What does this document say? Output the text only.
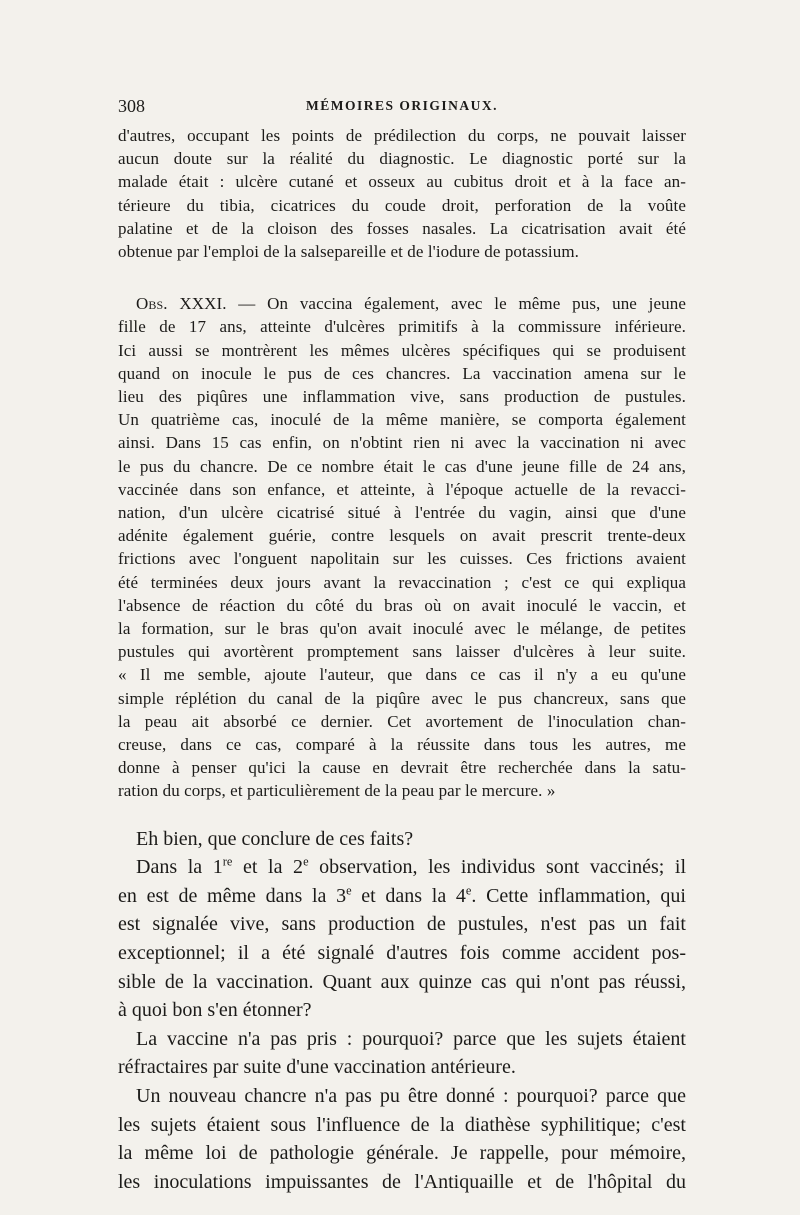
308	MÉMOIRES ORIGINAUX.

d'autres, occupant les points de prédilection du corps, ne pouvait laisser
aucun doute sur la réalité du diagnostic. Le diagnostic porté sur la
malade était : ulcère cutané et osseux au cubitus droit et à la face an-
térieure du tibia, cicatrices du coude droit, perforation de la voûte
palatine et de la cloison des fosses nasales. La cicatrisation avait été
obtenue par l'emploi de la salsepareille et de l'iodure de potassium.

Obs. XXXI. — On vaccina également, avec le même pus, une jeune
fille de 17 ans, atteinte d'ulcères primitifs à la commissure inférieure.
Ici aussi se montrèrent les mêmes ulcères spécifiques qui se produisent
quand on inocule le pus de ces chancres. La vaccination amena sur le
lieu des piqûres une inflammation vive, sans production de pustules.
Un quatrième cas, inoculé de la même manière, se comporta également
ainsi. Dans 15 cas enfin, on n'obtint rien ni avec la vaccination ni avec
le pus du chancre. De ce nombre était le cas d'une jeune fille de 24 ans,
vaccinée dans son enfance, et atteinte, à l'époque actuelle de la revacci-
nation, d'un ulcère cicatrisé situé à l'entrée du vagin, ainsi que d'une
adénite également guérie, contre lesquels on avait prescrit trente-deux
frictions avec l'onguent napolitain sur les cuisses. Ces frictions avaient
été terminées deux jours avant la revaccination ; c'est ce qui expliqua
l'absence de réaction du côté du bras où on avait inoculé le vaccin, et
la formation, sur le bras qu'on avait inoculé avec le mélange, de petites
pustules qui avortèrent promptement sans laisser d'ulcères à leur suite.
« Il me semble, ajoute l'auteur, que dans ce cas il n'y a eu qu'une
simple réplétion du canal de la piqûre avec le pus chancreux, sans que
la peau ait absorbé ce dernier. Cet avortement de l'inoculation chan-
creuse, dans ce cas, comparé à la réussite dans tous les autres, me
donne à penser qu'ici la cause en devrait être recherchée dans la satu-
ration du corps, et particulièrement de la peau par le mercure. »

Eh bien, que conclure de ces faits?

Dans la 1re et la 2e observation, les individus sont vaccinés; il
en est de même dans la 3e et dans la 4e. Cette inflammation, qui
est signalée vive, sans production de pustules, n'est pas un fait
exceptionnel; il a été signalé d'autres fois comme accident pos-
sible de la vaccination. Quant aux quinze cas qui n'ont pas réussi,
à quoi bon s'en étonner?

La vaccine n'a pas pris : pourquoi? parce que les sujets étaient
réfractaires par suite d'une vaccination antérieure.

Un nouveau chancre n'a pas pu être donné : pourquoi? parce que
les sujets étaient sous l'influence de la diathèse syphilitique; c'est
la même loi de pathologie générale. Je rappelle, pour mémoire,
les inoculations impuissantes de l'Antiquaille et de l'hôpital du
